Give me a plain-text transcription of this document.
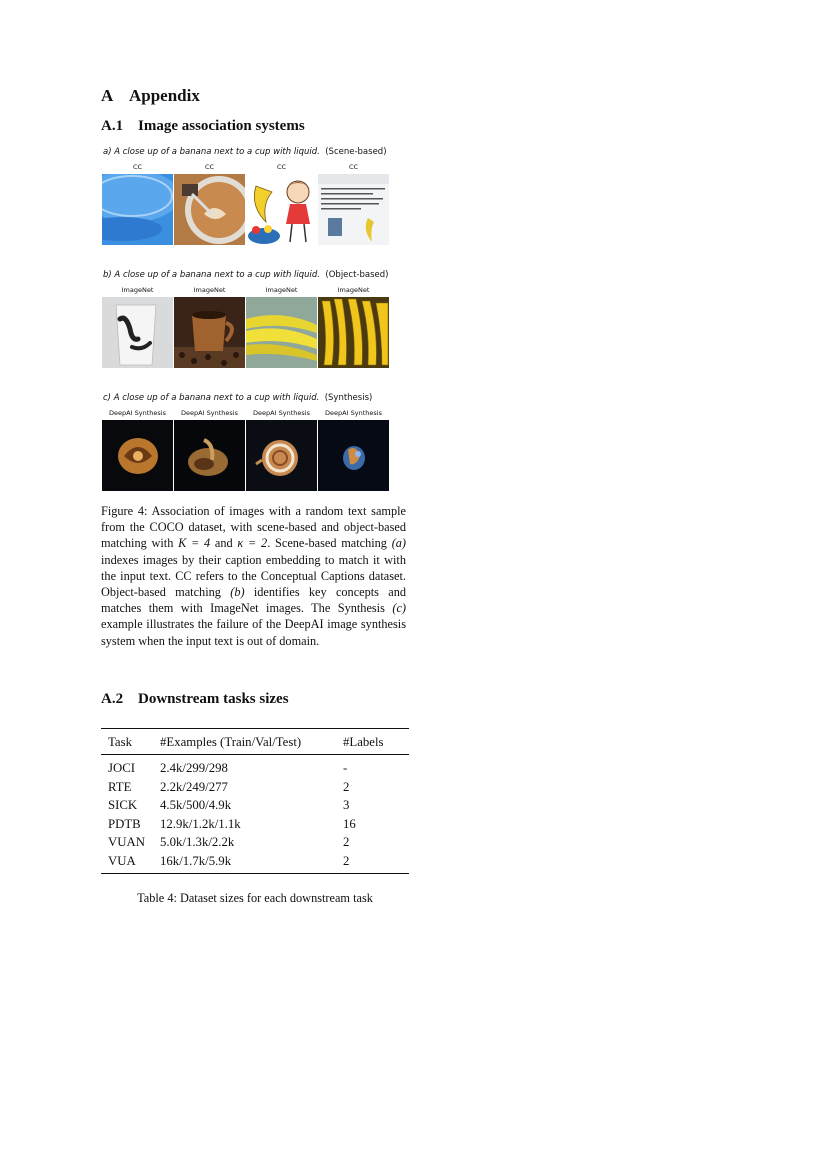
A Appendix
A.1 Image association systems
a) A close up of a banana next to a cup with liquid. (Scene-based)
CC	CC	CC	CC
b) A close up of a banana next to a cup with liquid. (Object-based)
ImageNet	ImageNet	ImageNet	ImageNet
c) A close up of a banana next to a cup with liquid. (Synthesis)
DeepAI Synthesis	DeepAI Synthesis	DeepAI Synthesis	DeepAI Synthesis

Figure 4: Association of images with a random text sample from the COCO dataset, with scene-based and object-based matching with K = 4 and κ = 2. Scene-based matching (a) indexes images by their caption embedding to match it with the input text. CC refers to the Conceptual Captions dataset. Object-based matching (b) identifies key concepts and matches them with ImageNet images. The Synthesis (c) example illustrates the failure of the DeepAI image synthesis system when the input text is out of domain.

A.2 Downstream tasks sizes
Task	#Examples (Train/Val/Test)	#Labels
JOCI	2.4k/299/298	-
RTE	2.2k/249/277	2
SICK	4.5k/500/4.9k	3
PDTB	12.9k/1.2k/1.1k	16
VUAN	5.0k/1.3k/2.2k	2
VUA	16k/1.7k/5.9k	2
Table 4: Dataset sizes for each downstream task
